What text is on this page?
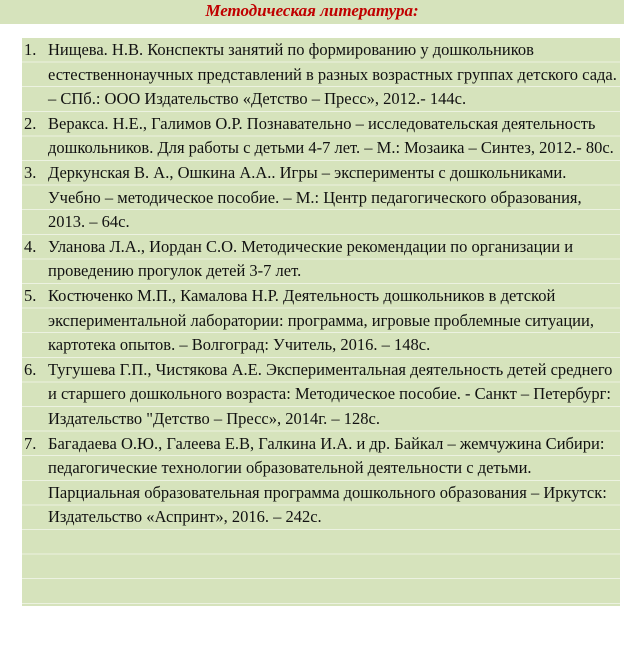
Методическая литература:
1. Нищева. Н.В. Конспекты занятий по формированию у дошкольников естественнонаучных представлений в разных возрастных группах детского сада. – СПб.: ООО Издательство «Детство – Пресс», 2012.- 144с.
2. Веракса. Н.Е., Галимов О.Р. Познавательно – исследовательская деятельность дошкольников. Для работы с детьми 4-7 лет. – М.: Мозаика – Синтез, 2012.- 80с.
3. Деркунская В. А., Ошкина А.А.. Игры – эксперименты с дошкольниками. Учебно – методическое пособие. – М.: Центр педагогического образования, 2013. – 64с.
4. Уланова Л.А., Иордан С.О. Методические рекомендации по организации и проведению прогулок детей 3-7 лет.
5. Костюченко М.П., Камалова Н.Р. Деятельность дошкольников в детской экспериментальной лаборатории: программа, игровые проблемные ситуации, картотека опытов. – Волгоград: Учитель, 2016. – 148с.
6. Тугушева Г.П., Чистякова А.Е. Экспериментальная деятельность детей среднего и старшего дошкольного возраста: Методическое пособие. - Санкт – Петербург: Издательство "Детство – Пресс», 2014г. – 128с.
7. Багадаева О.Ю., Галеева Е.В, Галкина И.А. и др. Байкал – жемчужина Сибири: педагогические технологии образовательной деятельности с детьми. Парциальная образовательная программа дошкольного образования – Иркутск: Издательство «Аспринт», 2016. – 242с.
